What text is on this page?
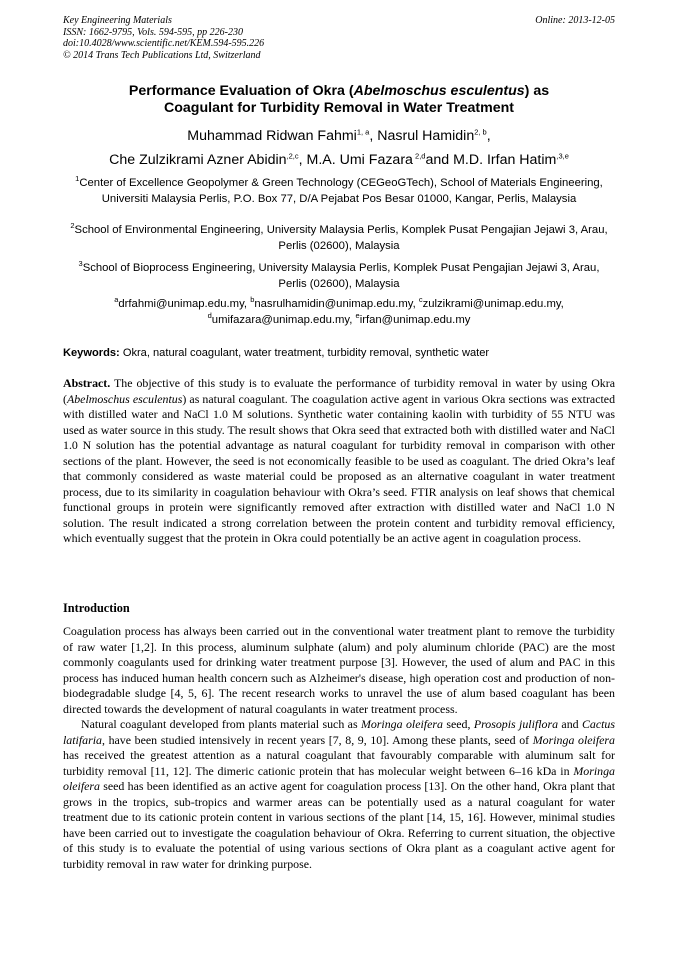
Key Engineering Materials
ISSN: 1662-9795, Vols. 594-595, pp 226-230
doi:10.4028/www.scientific.net/KEM.594-595.226
© 2014 Trans Tech Publications Ltd, Switzerland
Online: 2013-12-05
Performance Evaluation of Okra (Abelmoschus esculentus) as
Coagulant for Turbidity Removal in Water Treatment
Muhammad Ridwan Fahmi$^{1, a}$, Nasrul Hamidin$^{2, b}$,
Che Zulzikrami Azner Abidin$^{,2,c}$, M.A. Umi Fazara $^{2,d}$and M.D. Irfan Hatim$^{,3,e}$
$^1$Center of Excellence Geopolymer & Green Technology (CEGeoGTech), School of Materials Engineering, Universiti Malaysia Perlis, P.O. Box 77, D/A Pejabat Pos Besar 01000, Kangar, Perlis, Malaysia
$^2$School of Environmental Engineering, University Malaysia Perlis, Komplek Pusat Pengajian Jejawi 3, Arau, Perlis (02600), Malaysia
$^3$School of Bioprocess Engineering, University Malaysia Perlis, Komplek Pusat Pengajian Jejawi 3, Arau, Perlis (02600), Malaysia
$^a$drfahmi@unimap.edu.my, $^b$nasrulhamidin@unimap.edu.my, $^c$zulzikrami@unimap.edu.my,
$^d$umifazara@unimap.edu.my, $^e$irfan@unimap.edu.my
Keywords: Okra, natural coagulant, water treatment, turbidity removal, synthetic water

Abstract. The objective of this study is to evaluate the performance of turbidity removal in water by using Okra (Abelmoschus esculentus) as natural coagulant. The coagulation active agent in various Okra sections was extracted with distilled water and NaCl 1.0 M solutions. Synthetic water containing kaolin with turbidity of 55 NTU was used as water source in this study. The result shows that Okra seed that extracted both with distilled water and NaCl 1.0 N solution has the potential advantage as natural coagulant for turbidity removal in comparison with other sections of the plant. However, the seed is not economically feasible to be used as coagulant. The dried Okra’s leaf that commonly considered as waste material could be proposed as an alternative coagulant in water treatment process, due to its similarity in coagulation behaviour with Okra’s seed. FTIR analysis on leaf shows that chemical functional groups in protein were significantly removed after extraction with distilled water and NaCl 1.0 N solution. The result indicated a strong correlation between the protein content and turbidity removal efficiency, which eventually suggest that the protein in Okra could potentially be an active agent in coagulation process.

Introduction

Coagulation process has always been carried out in the conventional water treatment plant to remove the turbidity of raw water [1,2]. In this process, aluminum sulphate (alum) and poly aluminum chloride (PAC) are the most commonly coagulants used for drinking water treatment purpose [3]. However, the used of alum and PAC in this process has induced human health concern such as Alzheimer's disease, high operation cost and production of non-biodegradable sludge [4, 5, 6]. The recent research works to unravel the use of alum based coagulant has been directed towards the development of natural coagulants in water treatment process.

Natural coagulant developed from plants material such as Moringa oleifera seed, Prosopis juliflora and Cactus latifaria, have been studied intensively in recent years [7, 8, 9, 10]. Among these plants, seed of Moringa oleifera has received the greatest attention as a natural coagulant that favourably comparable with aluminum salt for turbidity removal [11, 12]. The dimeric cationic protein that has molecular weight between 6–16 kDa in Moringa oleifera seed has been identified as an active agent for coagulation process [13]. On the other hand, Okra plant that grows in the tropics, sub-tropics and warmer areas can be potentially used as a natural coagulant for water treatment due to its cationic protein content in various sections of the plant [14, 15, 16]. However, minimal studies have been carried out to investigate the coagulation behaviour of Okra. Referring to current situation, the objective of this study is to evaluate the potential of using various sections of Okra plant as a coagulant active agent for turbidity removal in raw water for drinking purpose.
